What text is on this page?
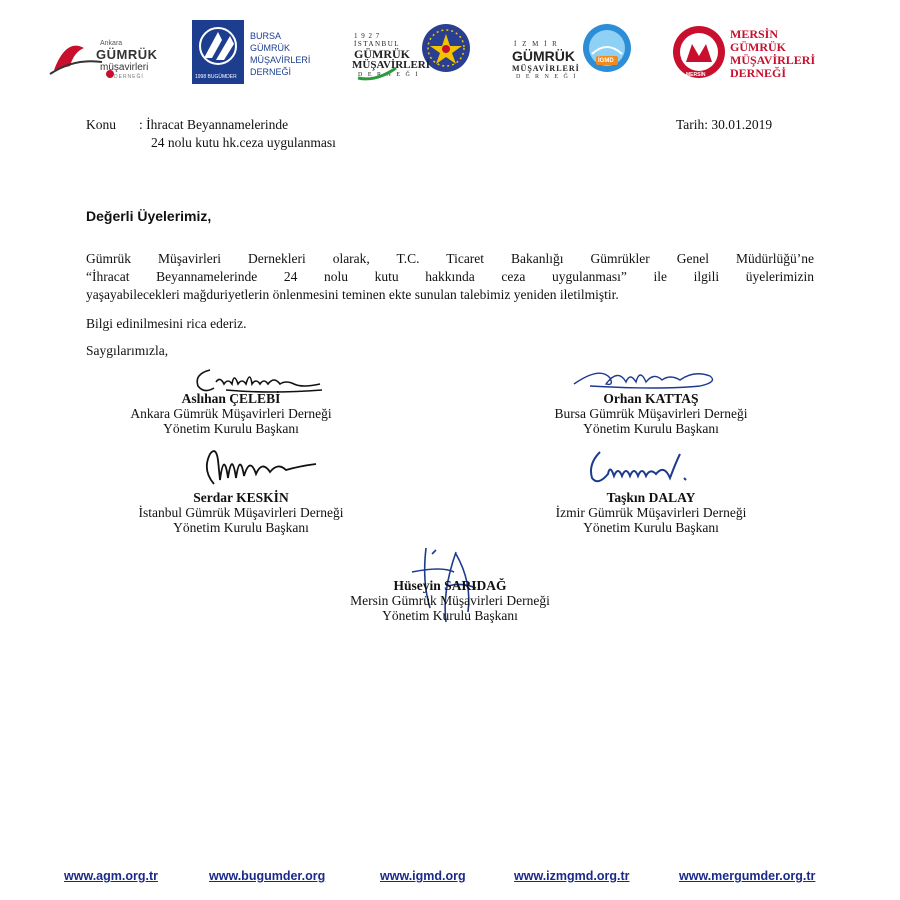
Ankara
GÜMRÜK
müşavirleri
DERNEĞİ	1998 BUGÜMDER
BURSA
GÜMRÜK
MÜŞAVİRLERİ
DERNEĞİ
1 9 2 7
İSTANBUL
GÜMRÜK
MÜŞAVİRLERİ
D E R N E Ğ İ
İ Z M İ R
GÜMRÜK
MÜŞAVİRLERİ
D E R N E Ğ İ
İGMD
MERSİN
MERSİN
GÜMRÜK
MÜŞAVİRLERİ
DERNEĞİ
Konu : İhracat Beyannamelerinde
24 nolu kutu hk.ceza uygulanması
Tarih: 30.01.2019
Değerli Üyelerimiz,
Gümrük Müşavirleri Dernekleri olarak, T.C. Ticaret Bakanlığı Gümrükler Genel Müdürlüğü’ne
“İhracat Beyannamelerinde 24 nolu kutu hakkında ceza uygulanması” ile ilgili üyelerimizin
yaşayabilecekleri mağduriyetlerin önlenmesini teminen ekte sunulan talebimiz yeniden iletilmiştir.
Bilgi edinilmesini rica ederiz.
Saygılarımızla,
Aslıhan ÇELEBİ
Ankara Gümrük Müşavirleri Derneği
Yönetim Kurulu Başkanı
Orhan KATTAŞ
Bursa Gümrük Müşavirleri Derneği
Yönetim Kurulu Başkanı
Serdar KESKİN
İstanbul Gümrük Müşavirleri Derneği
Yönetim Kurulu Başkanı
Taşkın DALAY
İzmir Gümrük Müşavirleri Derneği
Yönetim Kurulu Başkanı
Hüseyin SARIDAĞ
Mersin Gümrük Müşavirleri Derneği
Yönetim Kurulu Başkanı
www.agm.org.tr	www.bugumder.org	www.igmd.org	www.izmgmd.org.tr	www.mergumder.org.tr
